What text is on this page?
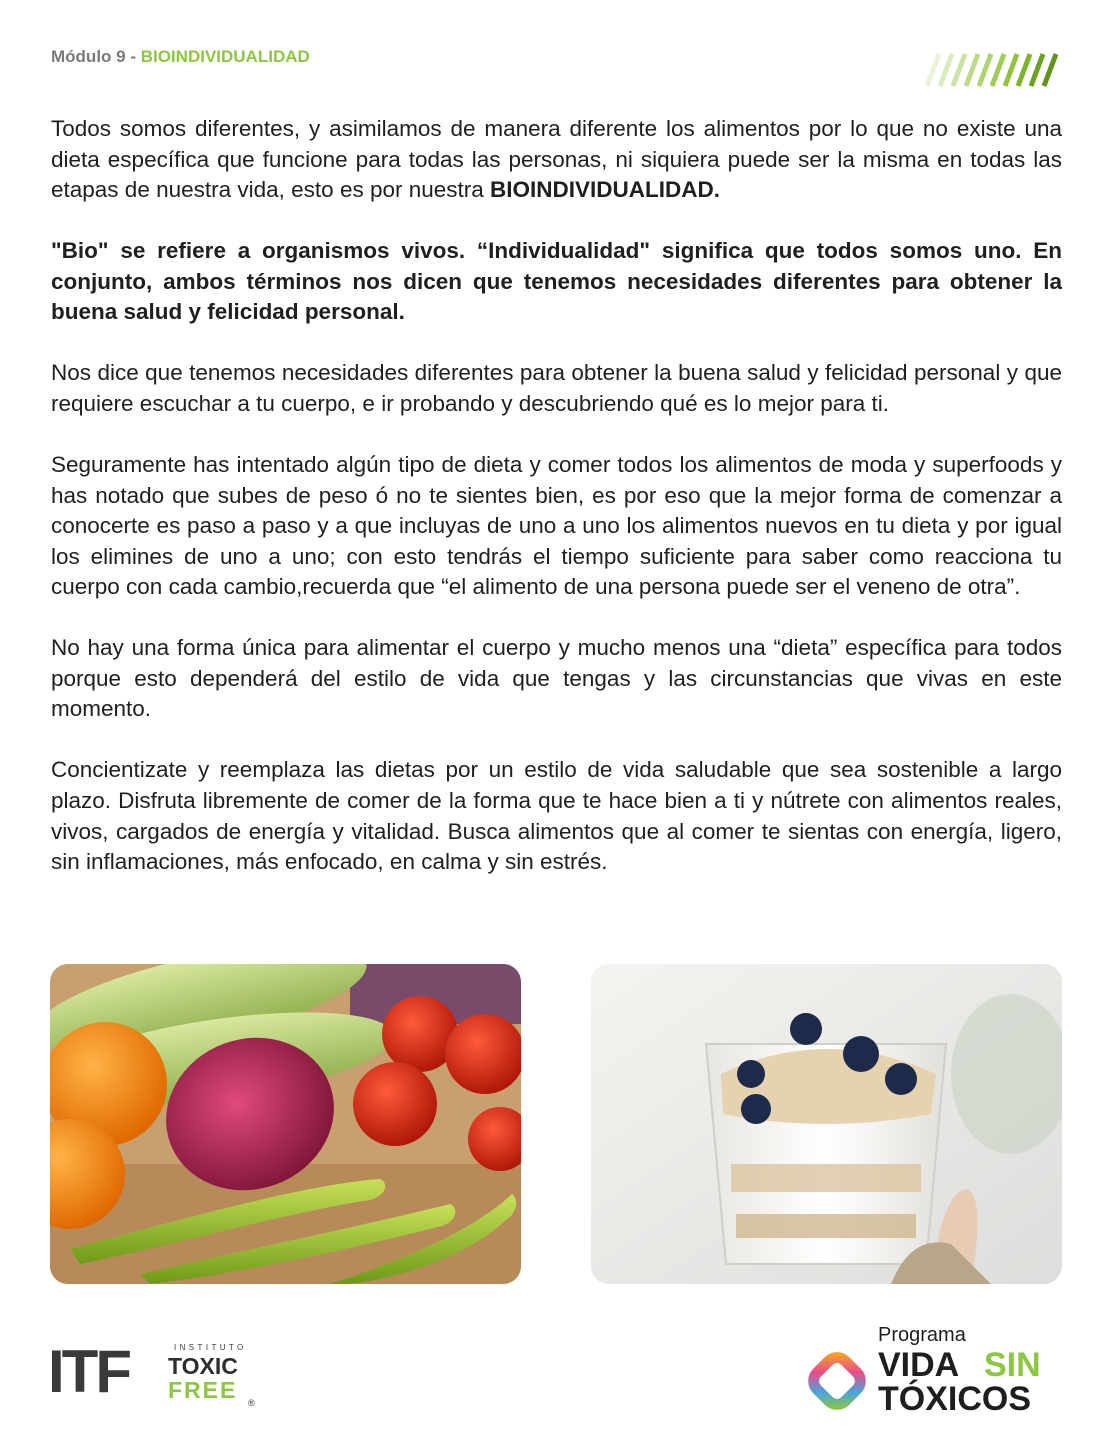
Módulo 9 - BIOINDIVIDUALIDAD

Todos somos diferentes, y asimilamos de manera diferente los alimentos por lo que no existe una dieta específica que funcione para todas las personas, ni siquiera puede ser la misma en todas las etapas de nuestra vida, esto es por nuestra BIOINDIVIDUALIDAD.

"Bio" se refiere a organismos vivos. “Individualidad" significa que todos somos uno. En conjunto, ambos términos nos dicen que tenemos necesidades diferentes para obtener la buena salud y felicidad personal.

Nos dice que tenemos necesidades diferentes para obtener la buena salud y felicidad personal y que requiere escuchar a tu cuerpo, e ir probando y descubriendo qué es lo mejor para ti.

Seguramente has intentado algún tipo de dieta y comer todos los alimentos de moda y superfoods y has notado que subes de peso ó no te sientes bien, es por eso que la mejor forma de comenzar a conocerte es paso a paso y a que incluyas de uno a uno los alimentos nuevos en tu dieta y por igual los elimines de uno a uno; con esto tendrás el tiempo suficiente para saber como reacciona tu cuerpo con cada cambio,recuerda que “el alimento de una persona puede ser el veneno de otra”.

No hay una forma única para alimentar el cuerpo y mucho menos una “dieta” específica para todos porque esto dependerá del estilo de vida que tengas y las circunstancias que vivas en este momento.

Concientizate y reemplaza las dietas por un estilo de vida saludable que sea sostenible a largo plazo. Disfruta libremente de comer de la forma que te hace bien a ti y nútrete con alimentos reales, vivos, cargados de energía y vitalidad. Busca alimentos que al comer te sientas con energía, ligero, sin inflamaciones, más enfocado, en calma y sin estrés.

ITF	INSTITUTO
TOXIC
FREE ®
Programa
VIDA SIN
TÓXICOS
